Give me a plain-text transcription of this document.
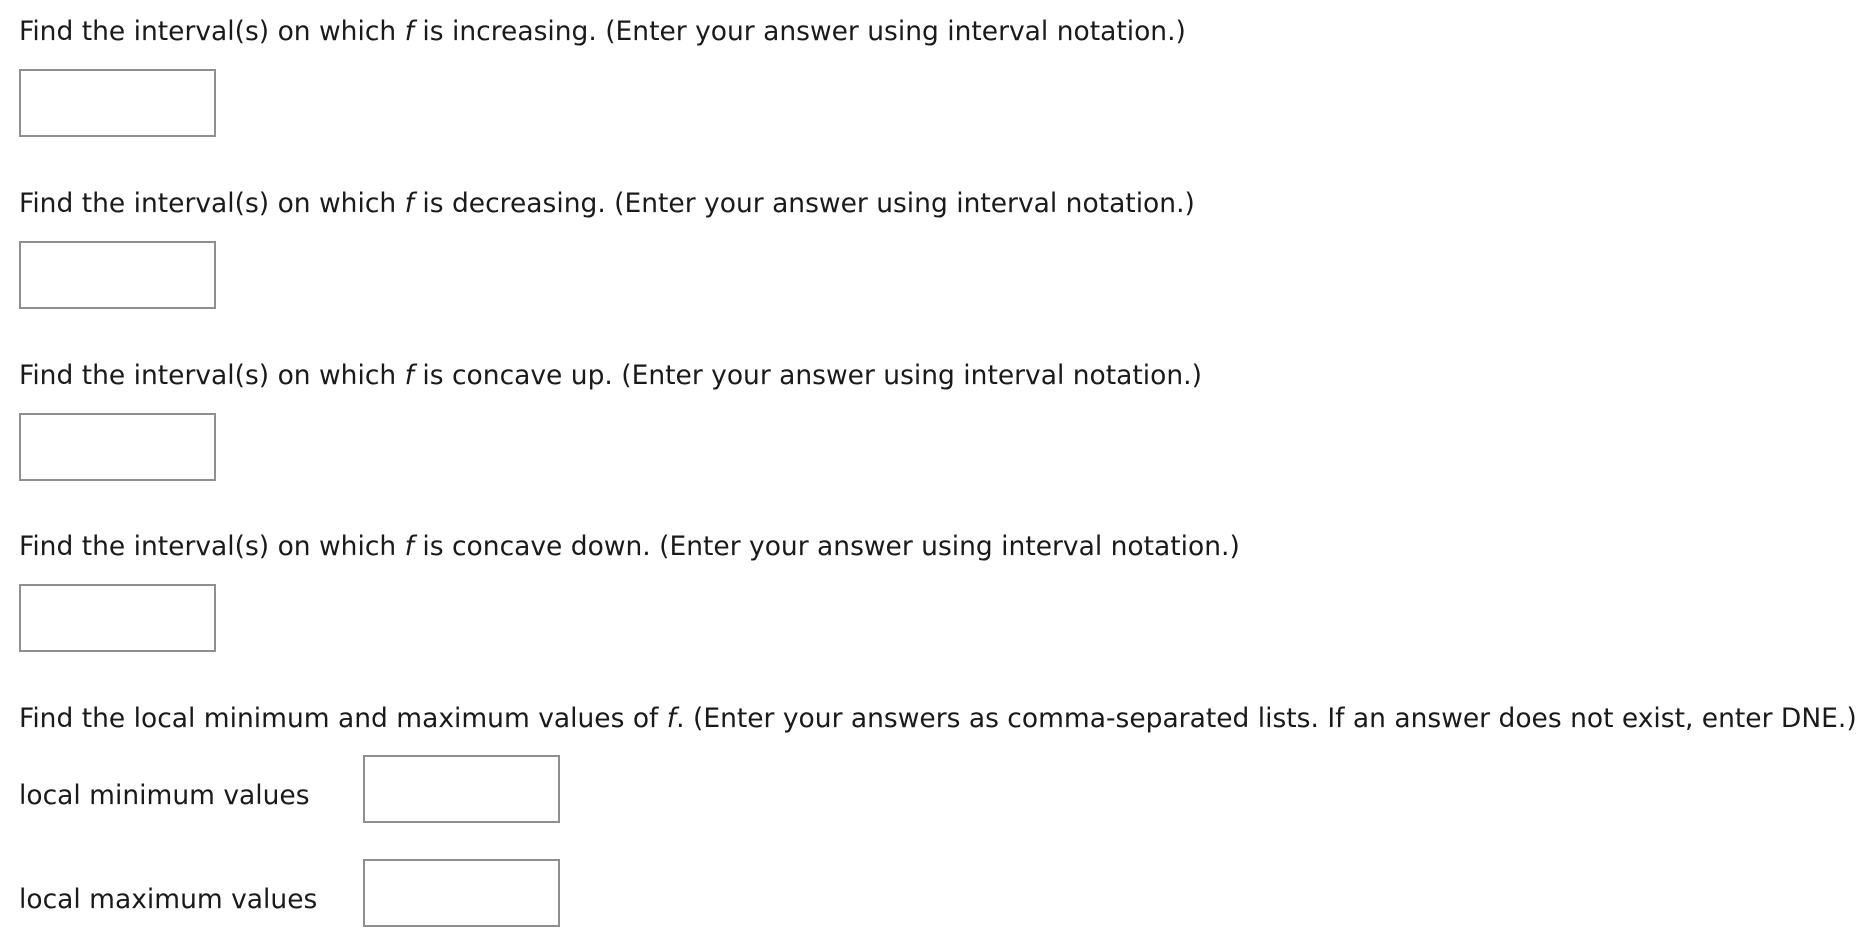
Find the interval(s) on which f is increasing. (Enter your answer using interval notation.)
Find the interval(s) on which f is decreasing. (Enter your answer using interval notation.)
Find the interval(s) on which f is concave up. (Enter your answer using interval notation.)
Find the interval(s) on which f is concave down. (Enter your answer using interval notation.)
Find the local minimum and maximum values of f. (Enter your answers as comma-separated lists. If an answer does not exist, enter DNE.)
local minimum values
local maximum values
